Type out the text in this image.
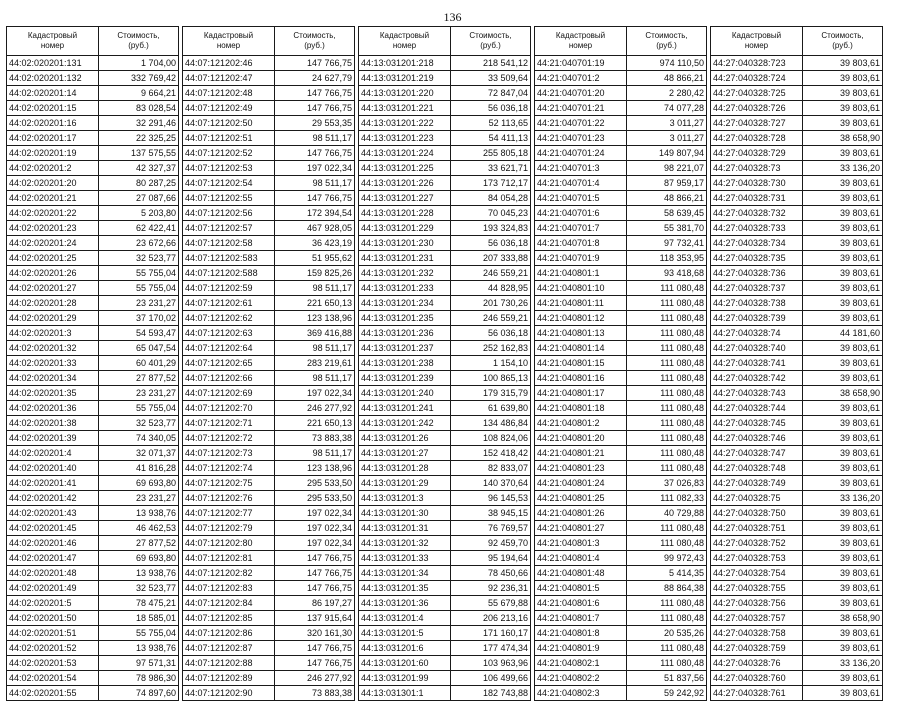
136
Кадастровый
номер	Стоимость,
(руб.)

44:02:020201:131	1 704,00
44:02:020201:132	332 769,42
44:02:020201:14	9 664,21
44:02:020201:15	83 028,54
44:02:020201:16	32 291,46
44:02:020201:17	22 325,25
44:02:020201:19	137 575,55
44:02:020201:2	42 327,37
44:02:020201:20	80 287,25
44:02:020201:21	27 087,66
44:02:020201:22	5 203,80
44:02:020201:23	62 422,41
44:02:020201:24	23 672,66
44:02:020201:25	32 523,77
44:02:020201:26	55 755,04
44:02:020201:27	55 755,04
44:02:020201:28	23 231,27
44:02:020201:29	37 170,02
44:02:020201:3	54 593,47
44:02:020201:32	65 047,54
44:02:020201:33	60 401,29
44:02:020201:34	27 877,52
44:02:020201:35	23 231,27
44:02:020201:36	55 755,04
44:02:020201:38	32 523,77
44:02:020201:39	74 340,05
44:02:020201:4	32 071,37
44:02:020201:40	41 816,28
44:02:020201:41	69 693,80
44:02:020201:42	23 231,27
44:02:020201:43	13 938,76
44:02:020201:45	46 462,53
44:02:020201:46	27 877,52
44:02:020201:47	69 693,80
44:02:020201:48	13 938,76
44:02:020201:49	32 523,77
44:02:020201:5	78 475,21
44:02:020201:50	18 585,01
44:02:020201:51	55 755,04
44:02:020201:52	13 938,76
44:02:020201:53	97 571,31
44:02:020201:54	78 986,30
44:02:020201:55	74 897,60
Кадастровый
номер	Стоимость,
(руб.)

44:07:121202:46	147 766,75
44:07:121202:47	24 627,79
44:07:121202:48	147 766,75
44:07:121202:49	147 766,75
44:07:121202:50	29 553,35
44:07:121202:51	98 511,17
44:07:121202:52	147 766,75
44:07:121202:53	197 022,34
44:07:121202:54	98 511,17
44:07:121202:55	147 766,75
44:07:121202:56	172 394,54
44:07:121202:57	467 928,05
44:07:121202:58	36 423,19
44:07:121202:583	51 955,62
44:07:121202:588	159 825,26
44:07:121202:59	98 511,17
44:07:121202:61	221 650,13
44:07:121202:62	123 138,96
44:07:121202:63	369 416,88
44:07:121202:64	98 511,17
44:07:121202:65	283 219,61
44:07:121202:66	98 511,17
44:07:121202:69	197 022,34
44:07:121202:70	246 277,92
44:07:121202:71	221 650,13
44:07:121202:72	73 883,38
44:07:121202:73	98 511,17
44:07:121202:74	123 138,96
44:07:121202:75	295 533,50
44:07:121202:76	295 533,50
44:07:121202:77	197 022,34
44:07:121202:79	197 022,34
44:07:121202:80	197 022,34
44:07:121202:81	147 766,75
44:07:121202:82	147 766,75
44:07:121202:83	147 766,75
44:07:121202:84	86 197,27
44:07:121202:85	137 915,64
44:07:121202:86	320 161,30
44:07:121202:87	147 766,75
44:07:121202:88	147 766,75
44:07:121202:89	246 277,92
44:07:121202:90	73 883,38
Кадастровый
номер	Стоимость,
(руб.)

44:13:031201:218	218 541,12
44:13:031201:219	33 509,64
44:13:031201:220	72 847,04
44:13:031201:221	56 036,18
44:13:031201:222	52 113,65
44:13:031201:223	54 411,13
44:13:031201:224	255 805,18
44:13:031201:225	33 621,71
44:13:031201:226	173 712,17
44:13:031201:227	84 054,28
44:13:031201:228	70 045,23
44:13:031201:229	193 324,83
44:13:031201:230	56 036,18
44:13:031201:231	207 333,88
44:13:031201:232	246 559,21
44:13:031201:233	44 828,95
44:13:031201:234	201 730,26
44:13:031201:235	246 559,21
44:13:031201:236	56 036,18
44:13:031201:237	252 162,83
44:13:031201:238	1 154,10
44:13:031201:239	100 865,13
44:13:031201:240	179 315,79
44:13:031201:241	61 639,80
44:13:031201:242	134 486,84
44:13:031201:26	108 824,06
44:13:031201:27	152 418,42
44:13:031201:28	82 833,07
44:13:031201:29	140 370,64
44:13:031201:3	96 145,53
44:13:031201:30	38 945,15
44:13:031201:31	76 769,57
44:13:031201:32	92 459,70
44:13:031201:33	95 194,64
44:13:031201:34	78 450,66
44:13:031201:35	92 236,31
44:13:031201:36	55 679,88
44:13:031201:4	206 213,16
44:13:031201:5	171 160,17
44:13:031201:6	177 474,34
44:13:031201:60	103 963,96
44:13:031201:99	106 499,66
44:13:031301:1	182 743,88
Кадастровый
номер	Стоимость,
(руб.)

44:21:040701:19	974 110,50
44:21:040701:2	48 866,21
44:21:040701:20	2 280,42
44:21:040701:21	74 077,28
44:21:040701:22	3 011,27
44:21:040701:23	3 011,27
44:21:040701:24	149 807,94
44:21:040701:3	98 221,07
44:21:040701:4	87 959,17
44:21:040701:5	48 866,21
44:21:040701:6	58 639,45
44:21:040701:7	55 381,70
44:21:040701:8	97 732,41
44:21:040701:9	118 353,95
44:21:040801:1	93 418,68
44:21:040801:10	111 080,48
44:21:040801:11	111 080,48
44:21:040801:12	111 080,48
44:21:040801:13	111 080,48
44:21:040801:14	111 080,48
44:21:040801:15	111 080,48
44:21:040801:16	111 080,48
44:21:040801:17	111 080,48
44:21:040801:18	111 080,48
44:21:040801:2	111 080,48
44:21:040801:20	111 080,48
44:21:040801:21	111 080,48
44:21:040801:23	111 080,48
44:21:040801:24	37 026,83
44:21:040801:25	111 082,33
44:21:040801:26	40 729,88
44:21:040801:27	111 080,48
44:21:040801:3	111 080,48
44:21:040801:4	99 972,43
44:21:040801:48	5 414,35
44:21:040801:5	88 864,38
44:21:040801:6	111 080,48
44:21:040801:7	111 080,48
44:21:040801:8	20 535,26
44:21:040801:9	111 080,48
44:21:040802:1	111 080,48
44:21:040802:2	51 837,56
44:21:040802:3	59 242,92
Кадастровый
номер	Стоимость,
(руб.)

44:27:040328:723	39 803,61
44:27:040328:724	39 803,61
44:27:040328:725	39 803,61
44:27:040328:726	39 803,61
44:27:040328:727	39 803,61
44:27:040328:728	38 658,90
44:27:040328:729	39 803,61
44:27:040328:73	33 136,20
44:27:040328:730	39 803,61
44:27:040328:731	39 803,61
44:27:040328:732	39 803,61
44:27:040328:733	39 803,61
44:27:040328:734	39 803,61
44:27:040328:735	39 803,61
44:27:040328:736	39 803,61
44:27:040328:737	39 803,61
44:27:040328:738	39 803,61
44:27:040328:739	39 803,61
44:27:040328:74	44 181,60
44:27:040328:740	39 803,61
44:27:040328:741	39 803,61
44:27:040328:742	39 803,61
44:27:040328:743	38 658,90
44:27:040328:744	39 803,61
44:27:040328:745	39 803,61
44:27:040328:746	39 803,61
44:27:040328:747	39 803,61
44:27:040328:748	39 803,61
44:27:040328:749	39 803,61
44:27:040328:75	33 136,20
44:27:040328:750	39 803,61
44:27:040328:751	39 803,61
44:27:040328:752	39 803,61
44:27:040328:753	39 803,61
44:27:040328:754	39 803,61
44:27:040328:755	39 803,61
44:27:040328:756	39 803,61
44:27:040328:757	38 658,90
44:27:040328:758	39 803,61
44:27:040328:759	39 803,61
44:27:040328:76	33 136,20
44:27:040328:760	39 803,61
44:27:040328:761	39 803,61
